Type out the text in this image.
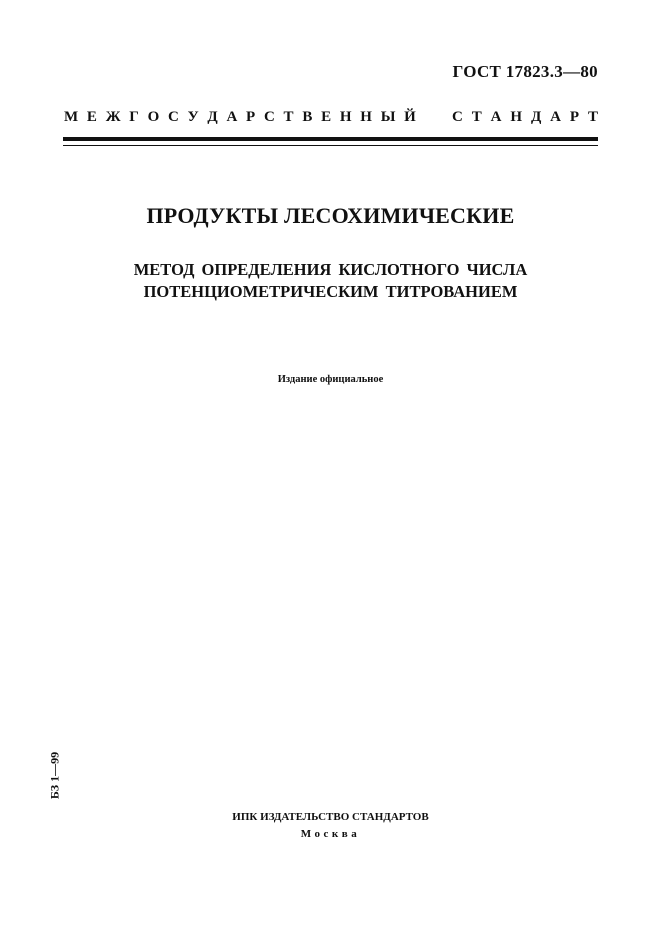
ГОСТ 17823.3—80
М Е Ж Г О С У Д А Р С Т В Е Н Н Ы Й С Т А Н Д А Р Т
ПРОДУКТЫ ЛЕСОХИМИЧЕСКИЕ
МЕТОД ОПРЕДЕЛЕНИЯ КИСЛОТНОГО ЧИСЛА
ПОТЕНЦИОМЕТРИЧЕСКИМ ТИТРОВАНИЕМ
Издание официальное
БЗ 1—99
ИПК ИЗДАТЕЛЬСТВО СТАНДАРТОВ
Москва
